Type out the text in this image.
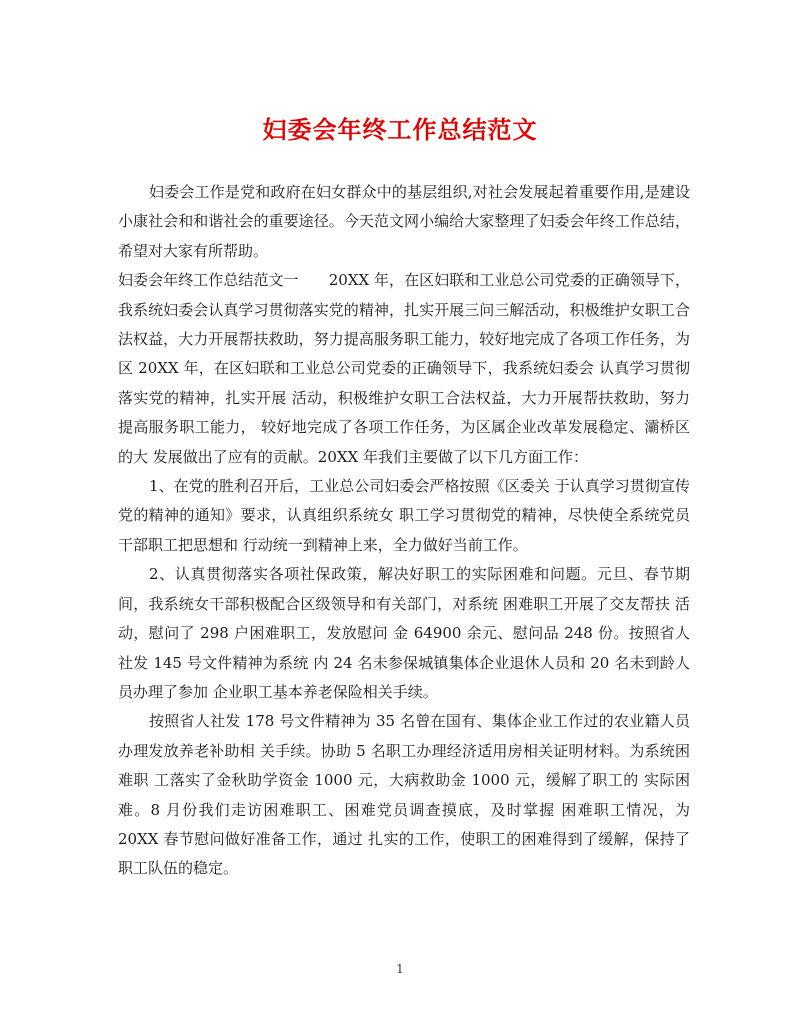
妇委会年终工作总结范文

妇委会工作是党和政府在妇女群众中的基层组织,对社会发展起着重要作用,是建设小康社会和和谐社会的重要途径。今天范文网小编给大家整理了妇委会年终工作总结，希望对大家有所帮助。

妇委会年终工作总结范文一　　20XX 年，在区妇联和工业总公司党委的正确领导下，我系统妇委会认真学习贯彻落实党的精神，扎实开展三问三解活动，积极维护女职工合法权益，大力开展帮扶救助，努力提高服务职工能力，较好地完成了各项工作任务，为区 20XX 年，在区妇联和工业总公司党委的正确领导下，我系统妇委会 认真学习贯彻落实党的精神，扎实开展 活动，积极维护女职工合法权益，大力开展帮扶救助，努力提高服务职工能力， 较好地完成了各项工作任务，为区属企业改革发展稳定、灞桥区的大 发展做出了应有的贡献。20XX 年我们主要做了以下几方面工作：

1、在党的胜利召开后，工业总公司妇委会严格按照《区委关 于认真学习贯彻宣传党的精神的通知》要求，认真组织系统女 职工学习贯彻党的精神，尽快使全系统党员干部职工把思想和 行动统一到精神上来，全力做好当前工作。

2、认真贯彻落实各项社保政策，解决好职工的实际困难和问题。元旦、春节期间，我系统女干部积极配合区级领导和有关部门，对系统 困难职工开展了交友帮扶 活动，慰问了 298 户困难职工，发放慰问 金 64900 余元、慰问品 248 份。按照省人社发 145 号文件精神为系统 内 24 名未参保城镇集体企业退休人员和 20 名未到龄人员办理了参加 企业职工基本养老保险相关手续。

按照省人社发 178 号文件精神为 35 名曾在国有、集体企业工作过的农业籍人员办理发放养老补助相 关手续。协助 5 名职工办理经济适用房相关证明材料。为系统困难职 工落实了金秋助学资金 1000 元，大病救助金 1000 元，缓解了职工的 实际困难。8 月份我们走访困难职工、困难党员调查摸底，及时掌握 困难职工情况，为 20XX 春节慰问做好准备工作，通过 扎实的工作，使职工的困难得到了缓解，保持了职工队伍的稳定。

1
